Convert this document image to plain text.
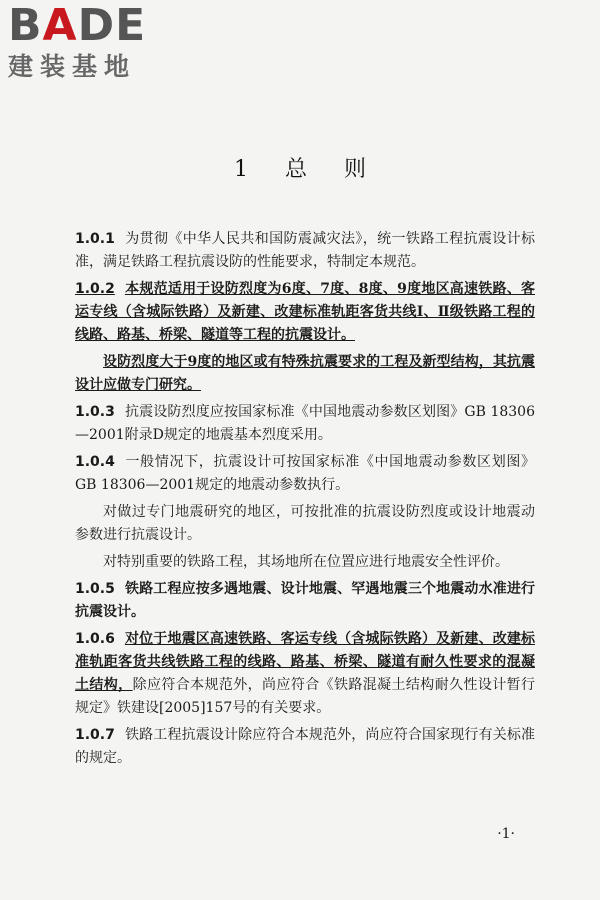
BADE
建装基地
1 总 则
1.0.1 为贯彻《中华人民共和国防震减灾法》，统一铁路工程抗震设计标准，满足铁路工程抗震设防的性能要求，特制定本规范。
1.0.2 本规范适用于设防烈度为6度、7度、8度、9度地区高速铁路、客运专线（含城际铁路）及新建、改建标准轨距客货共线Ⅰ、Ⅱ级铁路工程的线路、路基、桥梁、隧道等工程的抗震设计。
设防烈度大于9度的地区或有特殊抗震要求的工程及新型结构，其抗震设计应做专门研究。
1.0.3 抗震设防烈度应按国家标准《中国地震动参数区划图》GB 18306—2001附录D规定的地震基本烈度采用。
1.0.4 一般情况下，抗震设计可按国家标准《中国地震动参数区划图》GB 18306—2001规定的地震动参数执行。
对做过专门地震研究的地区，可按批准的抗震设防烈度或设计地震动参数进行抗震设计。
对特别重要的铁路工程，其场地所在位置应进行地震安全性评价。
1.0.5 铁路工程应按多遇地震、设计地震、罕遇地震三个地震动水准进行抗震设计。
1.0.6 对位于地震区高速铁路、客运专线（含城际铁路）及新建、改建标准轨距客货共线铁路工程的线路、路基、桥梁、隧道有耐久性要求的混凝土结构，除应符合本规范外，尚应符合《铁路混凝土结构耐久性设计暂行规定》铁建设[2005]157号的有关要求。
1.0.7 铁路工程抗震设计除应符合本规范外，尚应符合国家现行有关标准的规定。
·1·
